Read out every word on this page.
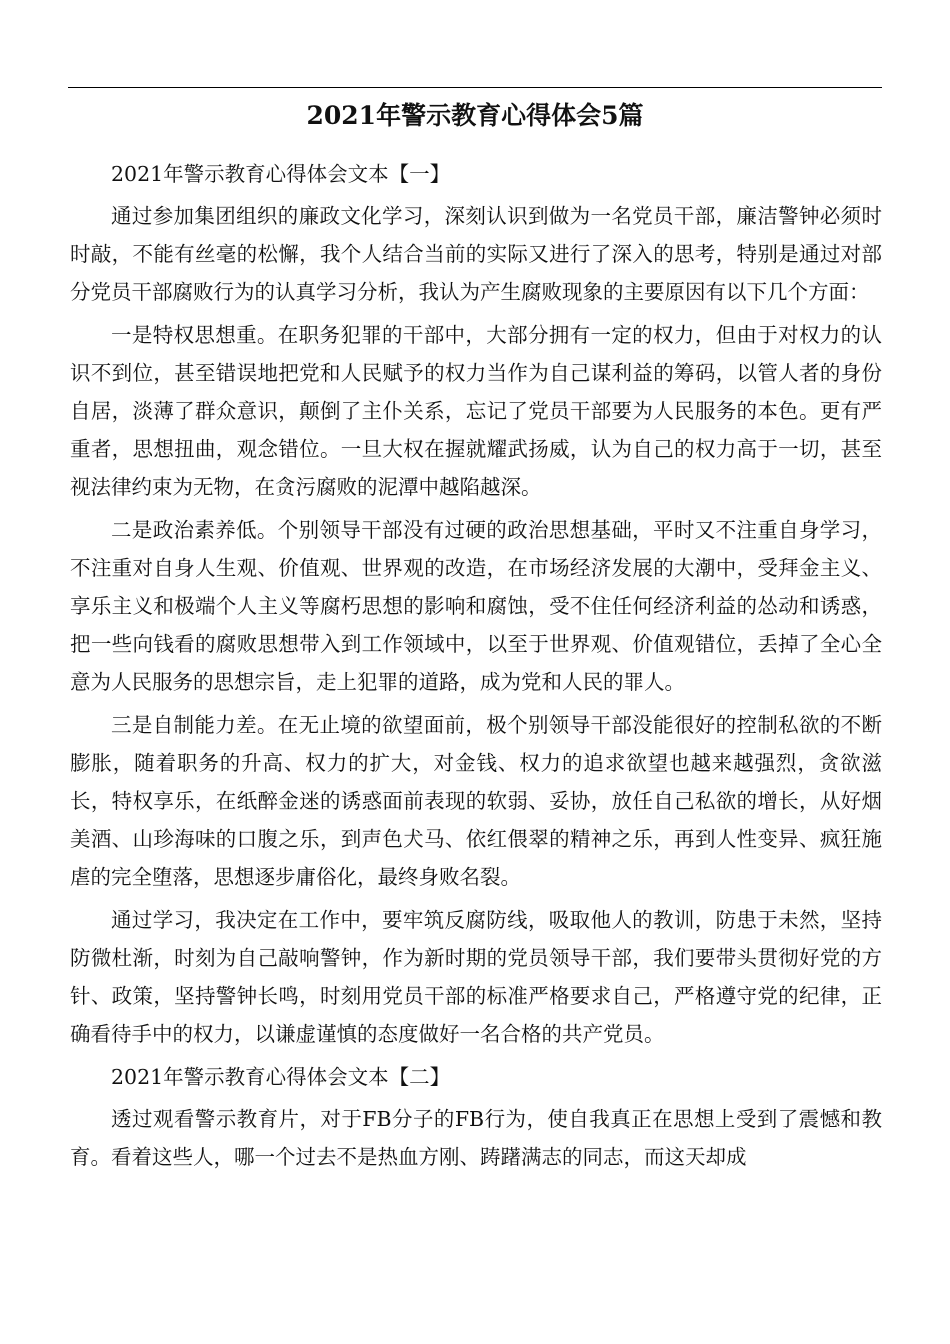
2021年警示教育心得体会5篇

2021年警示教育心得体会文本【一】

通过参加集团组织的廉政文化学习，深刻认识到做为一名党员干部，廉洁警钟必须时时敲，不能有丝毫的松懈，我个人结合当前的实际又进行了深入的思考，特别是通过对部分党员干部腐败行为的认真学习分析，我认为产生腐败现象的主要原因有以下几个方面：

一是特权思想重。在职务犯罪的干部中，大部分拥有一定的权力，但由于对权力的认识不到位，甚至错误地把党和人民赋予的权力当作为自己谋利益的筹码，以管人者的身份自居，淡薄了群众意识，颠倒了主仆关系，忘记了党员干部要为人民服务的本色。更有严重者，思想扭曲，观念错位。一旦大权在握就耀武扬威，认为自己的权力高于一切，甚至视法律约束为无物，在贪污腐败的泥潭中越陷越深。

二是政治素养低。个别领导干部没有过硬的政治思想基础，平时又不注重自身学习，不注重对自身人生观、价值观、世界观的改造，在市场经济发展的大潮中，受拜金主义、享乐主义和极端个人主义等腐朽思想的影响和腐蚀，受不住任何经济利益的怂动和诱惑，把一些向钱看的腐败思想带入到工作领域中，以至于世界观、价值观错位，丢掉了全心全意为人民服务的思想宗旨，走上犯罪的道路，成为党和人民的罪人。

三是自制能力差。在无止境的欲望面前，极个别领导干部没能很好的控制私欲的不断膨胀，随着职务的升高、权力的扩大，对金钱、权力的追求欲望也越来越强烈，贪欲滋长，特权享乐，在纸醉金迷的诱惑面前表现的软弱、妥协，放任自己私欲的增长，从好烟美酒、山珍海味的口腹之乐，到声色犬马、依红偎翠的精神之乐，再到人性变异、疯狂施虐的完全堕落，思想逐步庸俗化，最终身败名裂。

通过学习，我决定在工作中，要牢筑反腐防线，吸取他人的教训，防患于未然，坚持防微杜渐，时刻为自己敲响警钟，作为新时期的党员领导干部，我们要带头贯彻好党的方针、政策，坚持警钟长鸣，时刻用党员干部的标准严格要求自己，严格遵守党的纪律，正确看待手中的权力，以谦虚谨慎的态度做好一名合格的共产党员。

2021年警示教育心得体会文本【二】

透过观看警示教育片，对于FB分子的FB行为，使自我真正在思想上受到了震憾和教育。看着这些人，哪一个过去不是热血方刚、踌躇满志的同志，而这天却成
